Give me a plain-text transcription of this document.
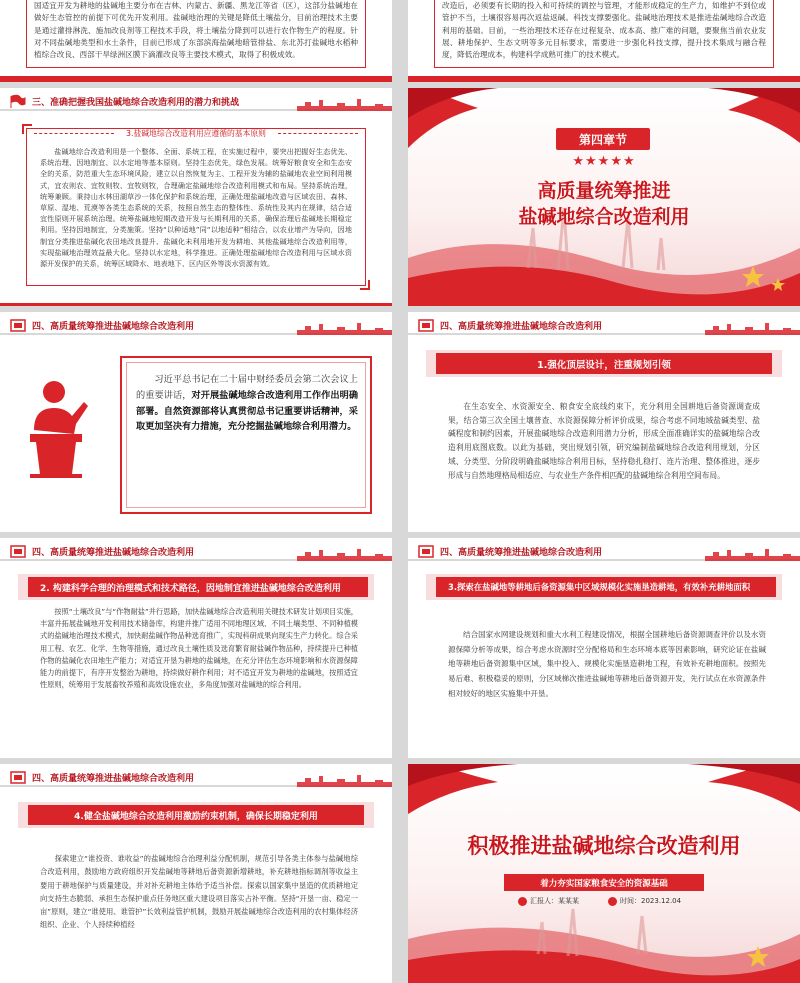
国适宜开发为耕地的盐碱地主要分布在吉林、内蒙古、新疆、黑龙江等省（区），这部分盐碱地在做好生态管控的前提下可优先开发利用。盐碱地治理的关键是降低土壤盐分，目前治理技术主要是通过灌排淋洗、施加改良剂等工程技术手段，将土壤盐分降到可以进行农作物生产的程度。针对不同盐碱地类型和水土条件，目前已形成了东部滨海盐碱地暗管排盐、东北苏打盐碱地水稻种植综合改良、西部干旱绿洲区膜下滴灌改良等主要技术模式，取得了积极成效。
改造后，必须要有长期的投入和可持续的调控与管理，才能形成稳定的生产力，如维护不到位或管护不当，土壤很容易再次返盐返碱。科技支撑要强化。盐碱地治理技术是推进盐碱地综合改造利用的基础。目前，一些治理技术还存在过程复杂、成本高、推广难的问题，要聚焦当前农业发展、耕地保护、生态文明等多元目标要求，需要进一步强化科技支撑，提升技术集成与融合程度，降低治理成本，构建科学成熟可推广的技术模式。
三、准确把握我国盐碱地综合改造利用的潜力和挑战
3.盐碱地综合改造利用应遵循的基本原则
盐碱地综合改造利用是一个整体、全面、系统工程，在实施过程中，要突出把握好生态优先、系统治理、因地制宜、以水定地等基本原则。坚持生态优先，绿色发展。统筹好粮食安全和生态安全的关系，防范重大生态环境风险，建立以自然恢复为主、工程开发为辅的盐碱地农业空间利用模式，宜农则农、宜牧则牧、宜牧则牧，合理确定盐碱地综合改造利用模式和布局。坚持系统治理，统筹兼顾。秉持山水林田湖草沙一体化保护和系统治理，正确处理盐碱地改造与区域农田、森林、草原、湿地、荒漠等各类生态系统的关系，按照自然生态的整体性、系统性及其内在规律，结合适宜性原则开展系统治理。统筹盐碱地短期改造开发与长期利用的关系，确保治理后盐碱地长期稳定利用。坚持因地制宜，分类施策。坚持“以种适地”同“以地适种”相结合，以农业增产为导向，因地制宜分类推进盐碱化农田地改良提升、盐碱化未利用地开发为耕地、其他盐碱地综合改造利用等，实现盐碱地治理效益最大化。坚持以水定地，科学推进。正确处理盐碱地综合改造利用与区域水资源开发保护的关系，统筹区域降水、地表地下、区内区外等淡水资源有效。
第四章节
★★★★★
高质量统筹推进
盐碱地综合改造利用
四、高质量统筹推进盐碱地综合改造利用
习近平总书记在二十届中财经委员会第二次会议上的重要讲话，对开展盐碱地综合改造利用工作作出明确部署。自然资源部将认真贯彻总书记重要讲话精神，采取更加坚决有力措施，充分挖掘盐碱地综合利用潜力。
四、高质量统筹推进盐碱地综合改造利用
1.强化顶层设计，注重规划引领
在生态安全、水资源安全、粮食安全底线约束下，充分利用全国耕地后备资源调查成果，结合第三次全国土壤普查、水资源保障分析评价成果，综合考虑不同地域盐碱类型、盐碱程度和制约因素，开展盐碱地综合改造利用潜力分析，形成全面准确详实的盐碱地综合改造利用底图底数。以此为基础，突出规划引领，研究编制盐碱地综合改造利用规划，分区域、分类型、分阶段明确盐碱地综合利用目标，坚持稳扎稳打、连片治理、整体推进，逐步形成与自然地理格局相适应、与农业生产条件相匹配的盐碱地综合利用空间布局。
四、高质量统筹推进盐碱地综合改造利用
2. 构建科学合理的治理模式和技术路径，因地制宜推进盐碱地综合改造利用
按照“土壤改良”与“作物耐盐”并行思路，加快盐碱地综合改造利用关键技术研发计划项目实施，丰富并拓展盐碱地开发利用技术储备库，构建并推广适用不同地理区域、不同土壤类型、不同种植模式的盐碱地治理技术模式，加快耐盐碱作物品种选育推广，实现科研成果向现实生产力转化。综合采用工程、农艺、化学、生物等措施，通过改良土壤性质及选育繁育耐盐碱作物品种，持续提升已种植作物的盐碱化农田地生产能力；对适宜开垦为耕地的盐碱地，在充分评估生态环境影响和水资源保障能力的前提下，有序开发整治为耕地，持续做好耕作利用；对不适宜开发为耕地的盐碱地，按照适宜性原则，统筹用于发展畜牧养殖和高效设施农业，多角度加强对盐碱地的综合利用。
四、高质量统筹推进盐碱地综合改造利用
3.探索在盐碱地等耕地后备资源集中区域规模化实施垦造耕地，有效补充耕地面积
结合国家水网建设规划和重大水利工程建设情况，根据全国耕地后备资源调查评价以及水资源保障分析等成果，综合考虑水资源时空分配格局和生态环境本底等因素影响，研究论证在盐碱地等耕地后备资源集中区域，集中投入、规模化实施垦造耕地工程，有效补充耕地面积。按照先易后难、积极稳妥的原则，分区域梯次推进盐碱地等耕地后备资源开发，先行试点在水资源条件相对较好的地区实施集中开垦。
四、高质量统筹推进盐碱地综合改造利用
4.健全盐碱地综合改造利用激励约束机制，确保长期稳定利用
探索建立“谁投资、谁收益”的盐碱地综合治理利益分配机制，规范引导各类主体参与盐碱地综合改造利用，鼓励地方政府组织开发盐碱地等耕地后备资源新增耕地，补充耕地指标调剂等收益主要用于耕地保护与质量建设，并对补充耕地主体给予适当补偿。探索以国家集中垦造的优质耕地定向支持生态脆弱、承担生态保护重点任务地区重大建设项目落实占补平衡。坚持“开垦一亩、稳定一亩”原则，建立“谁使用、谁管护”长效利益管护机制，鼓励开展盐碱地综合改造利用的农村集体经济组织、企业、个人持续种植经
积极推进盐碱地综合改造利用
着力夯实国家粮食安全的资源基础
汇报人：某某某	时间：2023.12.04
